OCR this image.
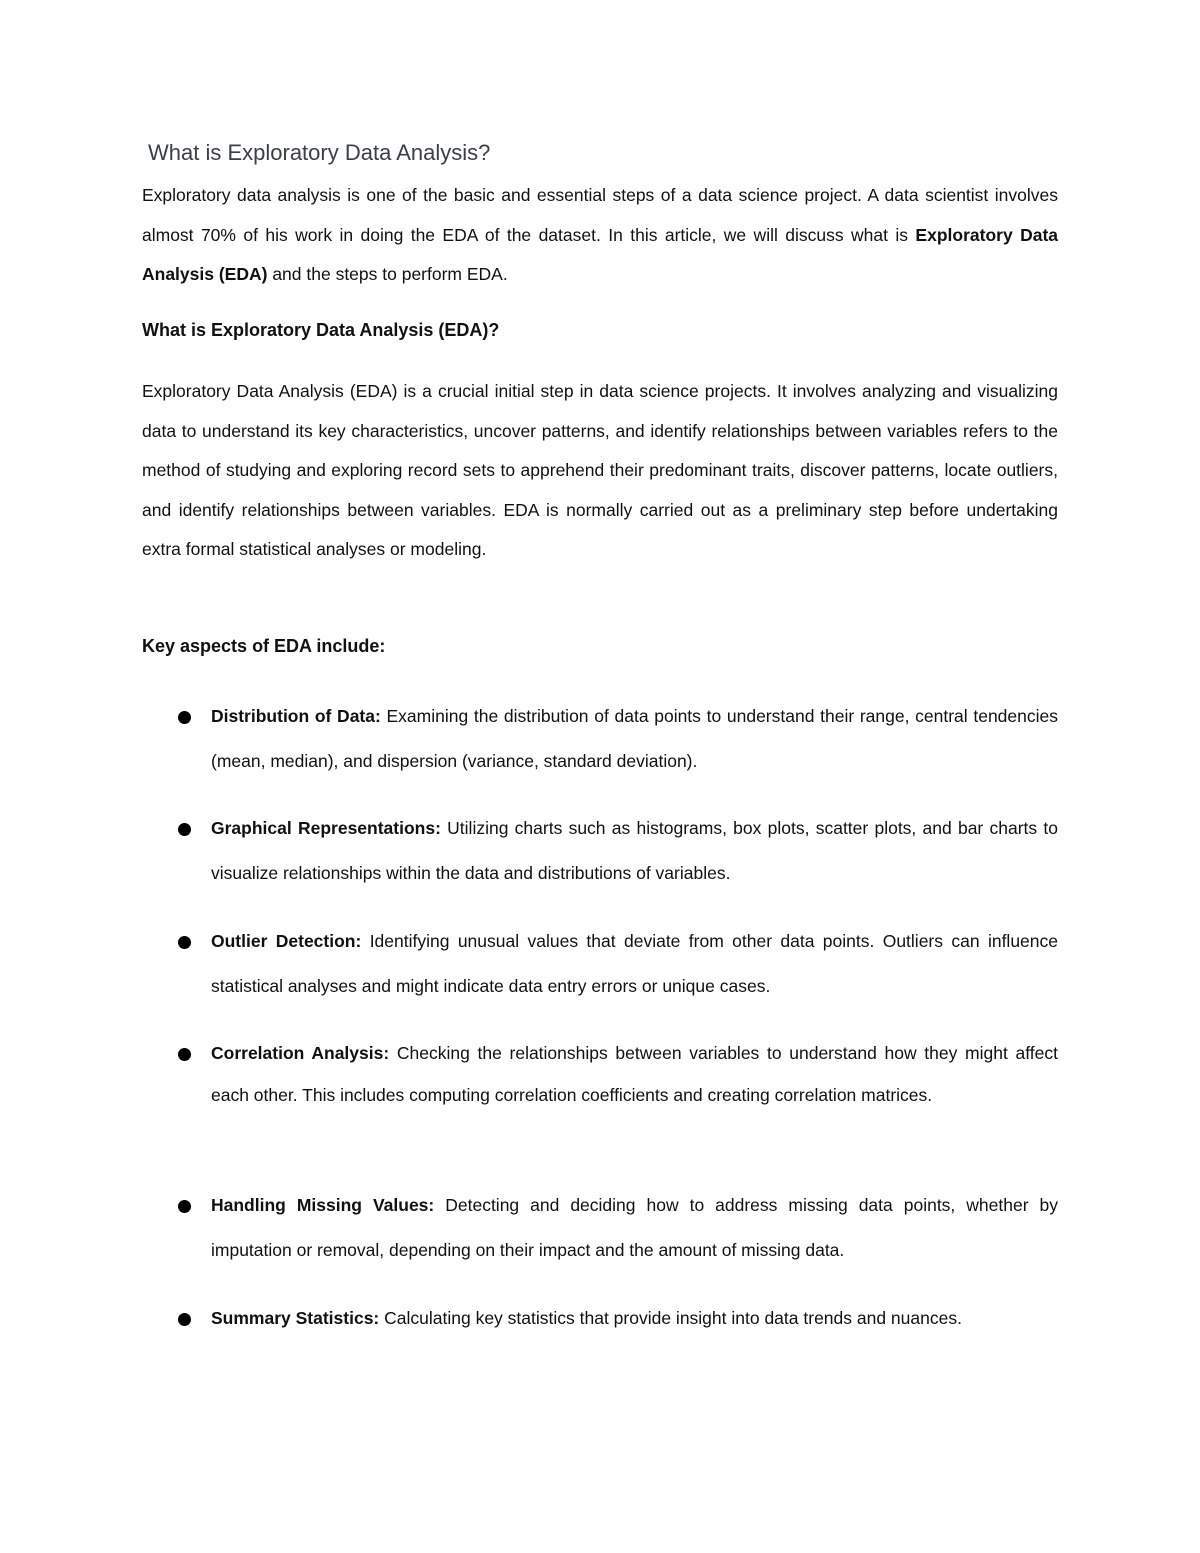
What is Exploratory Data Analysis?

Exploratory data analysis is one of the basic and essential steps of a data science project. A data scientist involves almost 70% of his work in doing the EDA of the dataset. In this article, we will discuss what is Exploratory Data Analysis (EDA) and the steps to perform EDA.

What is Exploratory Data Analysis (EDA)?

Exploratory Data Analysis (EDA) is a crucial initial step in data science projects. It involves analyzing and visualizing data to understand its key characteristics, uncover patterns, and identify relationships between variables refers to the method of studying and exploring record sets to apprehend their predominant traits, discover patterns, locate outliers, and identify relationships between variables. EDA is normally carried out as a preliminary step before undertaking extra formal statistical analyses or modeling.

Key aspects of EDA include:
Distribution of Data: Examining the distribution of data points to understand their range, central tendencies (mean, median), and dispersion (variance, standard deviation).
Graphical Representations: Utilizing charts such as histograms, box plots, scatter plots, and bar charts to visualize relationships within the data and distributions of variables.
Outlier Detection: Identifying unusual values that deviate from other data points. Outliers can influence statistical analyses and might indicate data entry errors or unique cases.
Correlation Analysis: Checking the relationships between variables to understand how they might affect each other. This includes computing correlation coefficients and creating correlation matrices.
Handling Missing Values: Detecting and deciding how to address missing data points, whether by imputation or removal, depending on their impact and the amount of missing data.
Summary Statistics: Calculating key statistics that provide insight into data trends and nuances.
